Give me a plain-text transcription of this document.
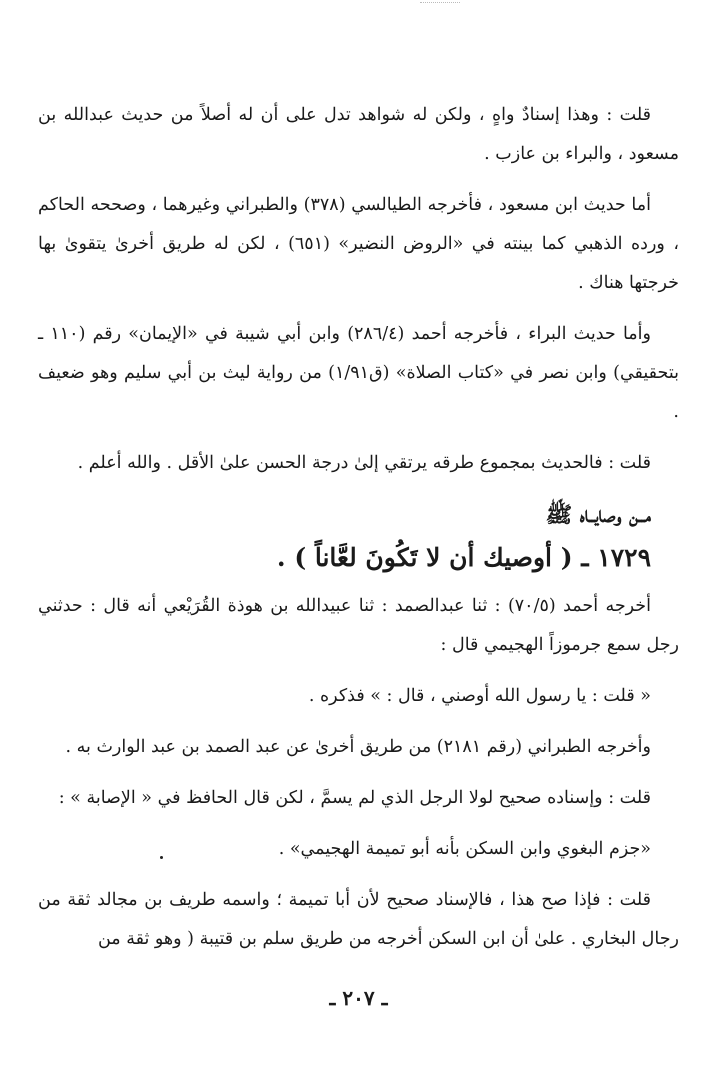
قلت : وهذا إسنادٌ واهٍ ، ولكن له شواهد تدل على أن له أصلاً من حديث عبدالله بن مسعود ، والبراء بن عازب .

أما حديث ابن مسعود ، فأخرجه الطيالسي (٣٧٨) والطبراني وغيرهما ، وصححه الحاكم ، ورده الذهبي كما بينته في «الروض النضير» (٦٥١) ، لكن له طريق أخرىٰ يتقوىٰ بها خرجتها هناك .

وأما حديث البراء ، فأخرجه أحمد (٢٨٦/٤) وابن أبي شيبة في «الإيمان» رقم (١١٠ ـ بتحقيقي) وابن نصر في «كتاب الصلاة» (ق١/٩١) من رواية ليث بن أبي سليم وهو ضعيف .

قلت : فالحديث بمجموع طرقه يرتقي إلىٰ درجة الحسن علىٰ الأقل . والله أعلم .

مــن وصايــاه ﷺ
١٧٢٩ ـ ( أوصيك أن لا تَكُونَ لعَّاناً ) .

أخرجه أحمد (٧٠/٥) : ثنا عبدالصمد : ثنا عبيدالله بن هوذة القُرَيْعي أنه قال : حدثني رجل سمع جرموزاً الهجيمي قال :

« قلت : يا رسول الله أوصني ، قال : » فذكره .

وأخرجه الطبراني (رقم ٢١٨١) من طريق أخرىٰ عن عبد الصمد بن عبد الوارث به .

قلت : وإسناده صحيح لولا الرجل الذي لم يسمَّ ، لكن قال الحافظ في « الإصابة » :

«جزم البغوي وابن السكن بأنه أبو تميمة الهجيمي» .

قلت : فإذا صح هذا ، فالإسناد صحيح لأن أبا تميمة ؛ واسمه طريف بن مجالد ثقة من رجال البخاري . علىٰ أن ابن السكن أخرجه من طريق سلم بن قتيبة ( وهو ثقة من

ـ ٢٠٧ ـ
